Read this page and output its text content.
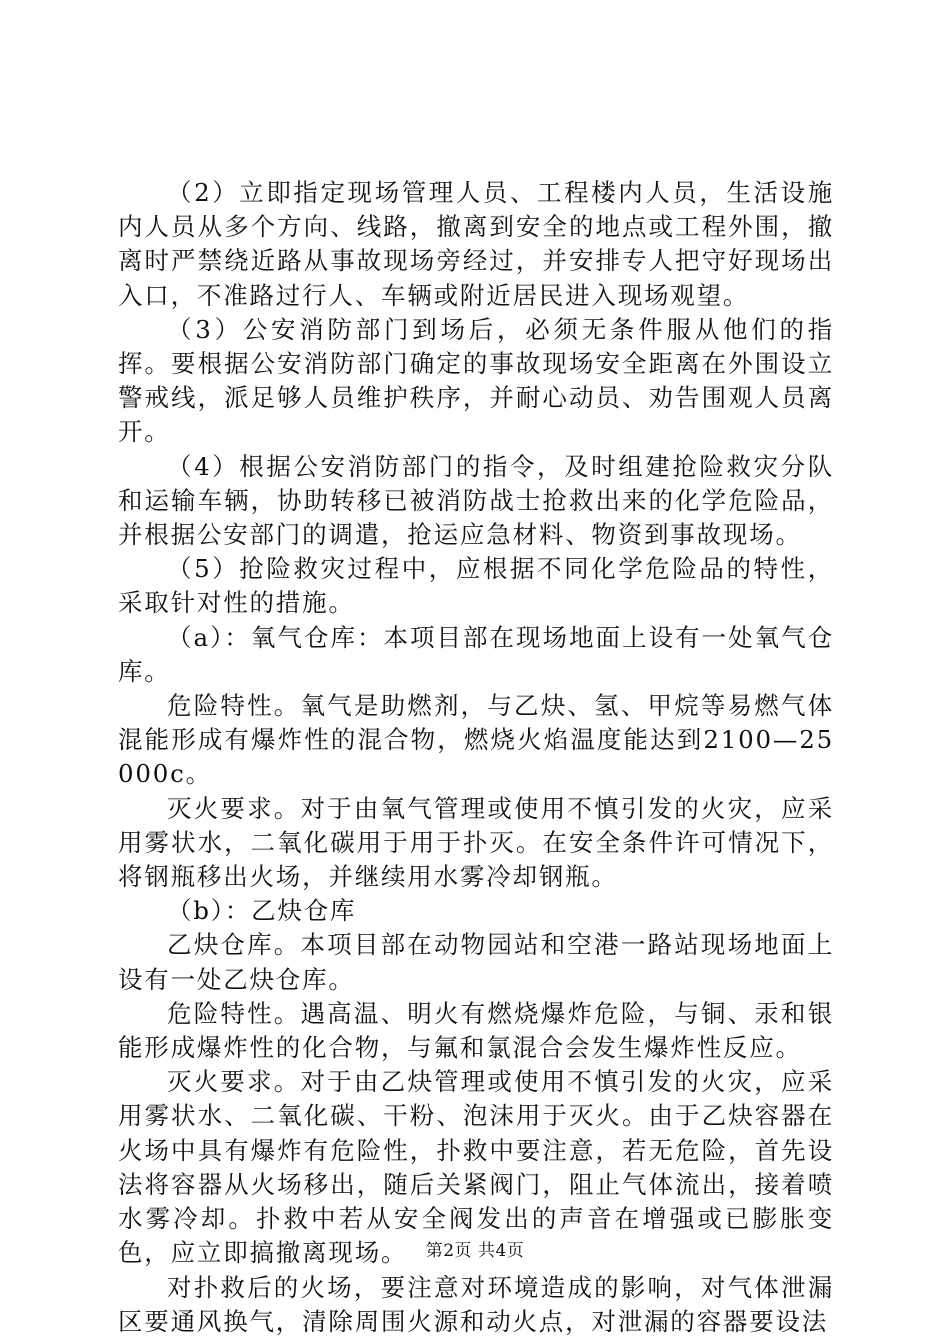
（2）立即指定现场管理人员、工程楼内人员，生活设施内人员从多个方向、线路，撤离到安全的地点或工程外围，撤离时严禁绕近路从事故现场旁经过，并安排专人把守好现场出入口，不准路过行人、车辆或附近居民进入现场观望。

（3）公安消防部门到场后，必须无条件服从他们的指挥。要根据公安消防部门确定的事故现场安全距离在外围设立警戒线，派足够人员维护秩序，并耐心动员、劝告围观人员离开。

（4）根据公安消防部门的指令，及时组建抢险救灾分队和运输车辆，协助转移已被消防战士抢救出来的化学危险品，并根据公安部门的调遣，抢运应急材料、物资到事故现场。

（5）抢险救灾过程中，应根据不同化学危险品的特性，采取针对性的措施。

（a）：氧气仓库：本项目部在现场地面上设有一处氧气仓库。

危险特性。氧气是助燃剂，与乙炔、氢、甲烷等易燃气体混能形成有爆炸性的混合物，燃烧火焰温度能达到2100—25000c。

灭火要求。对于由氧气管理或使用不慎引发的火灾，应采用雾状水，二氧化碳用于用于扑灭。在安全条件许可情况下，将钢瓶移出火场，并继续用水雾冷却钢瓶。

（b）：乙炔仓库

乙炔仓库。本项目部在动物园站和空港一路站现场地面上设有一处乙炔仓库。

危险特性。遇高温、明火有燃烧爆炸危险，与铜、汞和银能形成爆炸性的化合物，与氟和氯混合会发生爆炸性反应。

灭火要求。对于由乙炔管理或使用不慎引发的火灾，应采用雾状水、二氧化碳、干粉、泡沫用于灭火。由于乙炔容器在火场中具有爆炸有危险性，扑救中要注意，若无危险，首先设法将容器从火场移出，随后关紧阀门，阻止气体流出，接着喷水雾冷却。扑救中若从安全阀发出的声音在增强或已膨胀变色，应立即搞撤离现场。

对扑救后的火场，要注意对环境造成的影响，对气体泄漏区要通风换气，清除周围火源和动火点，对泄漏的容器要设法

第2页 共4页
